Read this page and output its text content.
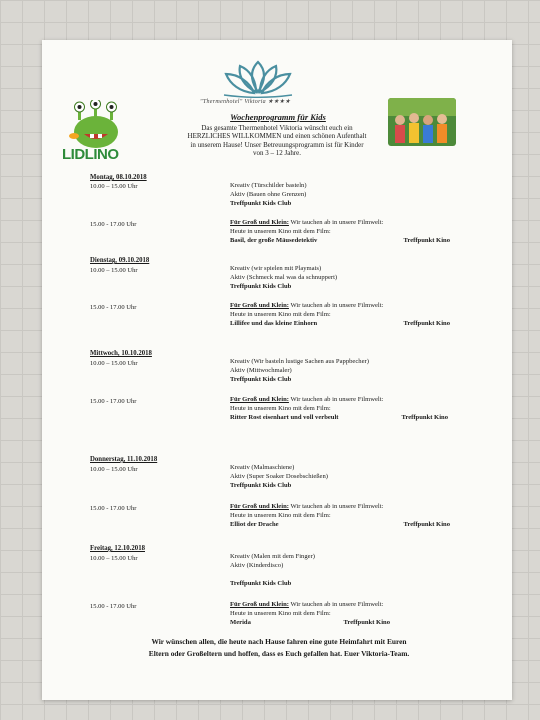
"Thermenhotel" Viktoria ★★★★
LIDLINO
Wochenprogramm für Kids
Das gesamte Thermenhotel Viktoria wünscht euch ein
HERZLICHES WILLKOMMEN und einen schönen Aufenthalt
in unserem Hause! Unser Betreuungsprogramm ist für Kinder
von 3 – 12 Jahre.
Montag, 08.10.2018
10.00 – 15.00 Uhr	Kreativ (Türschilder basteln)
Aktiv (Bauen ohne Grenzen)
Treffpunkt Kids Club
15.00 - 17.00 Uhr	Für Groß und Klein: Wir tauchen ab in unsere Filmwelt:
Heute in unserem Kino mit dem Film:
Basil, der große Mäusedetektiv	Treffpunkt Kino
Dienstag, 09.10.2018
10.00 – 15.00 Uhr	Kreativ (wir spielen mit Playmais)
Aktiv (Schmeck mal was da schnuppert)
Treffpunkt Kids Club
15.00 - 17.00 Uhr	Für Groß und Klein: Wir tauchen ab in unsere Filmwelt:
Heute in unserem Kino mit dem Film:
Lillifee und das kleine Einhorn	Treffpunkt Kino
Mittwoch, 10.10.2018
10.00 – 15.00 Uhr	Kreativ (Wir basteln lustige Sachen aus Pappbecher)
Aktiv (Mittwochmaler)
Treffpunkt Kids Club
15.00 - 17.00 Uhr	Für Groß und Klein: Wir tauchen ab in unsere Filmwelt:
Heute in unserem Kino mit dem Film:
Ritter Rost eisenhart und voll verbeult	Treffpunkt Kino
Donnerstag, 11.10.2018
10.00 – 15.00 Uhr	Kreativ (Malmaschiene)
Aktiv (Super Soaker Dosebschießen)
Treffpunkt Kids Club
15.00 - 17.00 Uhr	Für Groß und Klein: Wir tauchen ab in unsere Filmwelt:
Heute in unserem Kino mit dem Film:
Elliot der Drache	Treffpunkt Kino
Freitag, 12.10.2018
10.00 – 15.00 Uhr	Kreativ (Malen mit dem Finger)
Aktiv (Kinderdisco)
Treffpunkt Kids Club
15.00 - 17.00 Uhr	Für Groß und Klein: Wir tauchen ab in unsere Filmwelt:
Heute in unserem Kino mit dem Film:
Merida	Treffpunkt Kino
Wir wünschen allen, die heute nach Hause fahren eine gute Heimfahrt mit Euren
Eltern oder Großeltern und hoffen, dass es Euch gefallen hat. Euer Viktoria-Team.
